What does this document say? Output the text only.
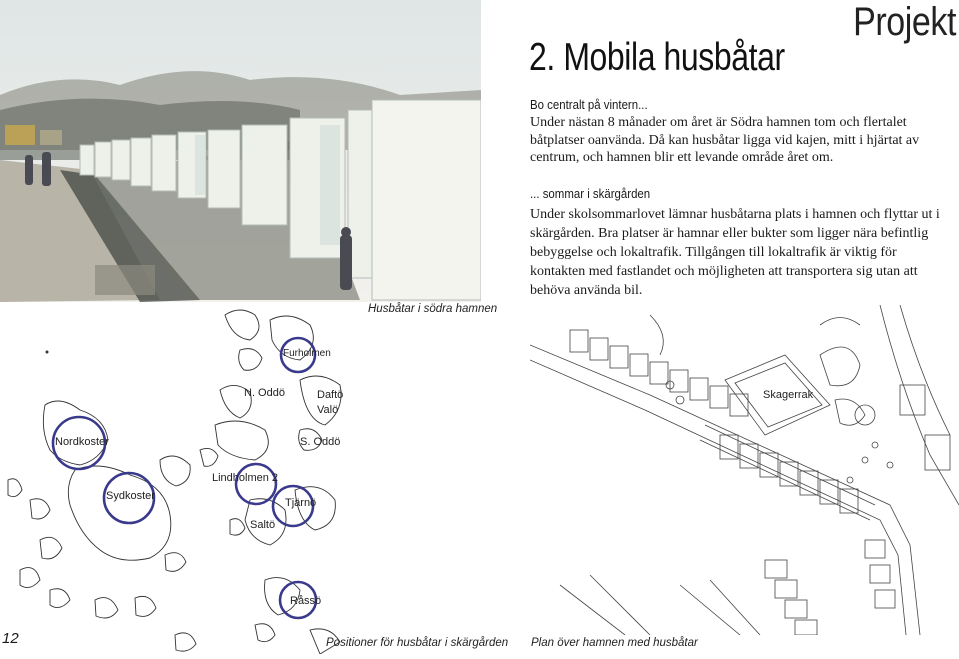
Projekt
2. Mobila husbåtar
Bo centralt på vintern...
Under nästan 8 månader om året är Södra hamnen tom och flertalet båtplatser oanvända. Då kan husbåtar ligga vid kajen, mitt i hjärtat av centrum, och hamnen blir ett levande område året om.
... sommar i skärgården
Under skolsommarlovet lämnar husbåtarna plats i hamnen och flyttar ut i skärgården. Bra platser är hamnar eller bukter som ligger nära befintlig bebyggelse och lokaltrafik. Tillgången till lokaltrafik är viktig för kontakten med fastlandet och möjligheten att transportera sig utan att behöva använda bil.
Husbåtar i södra hamnen
Furholmen
N. Oddö	Daftö
Valö
Nordkoster	S. Oddö
Lindholmen 2
Sydkoster
Tjärnö
Saltö
Råssö
Positioner för husbåtar i skärgården
12
Skagerrak
Plan över hamnen med husbåtar
